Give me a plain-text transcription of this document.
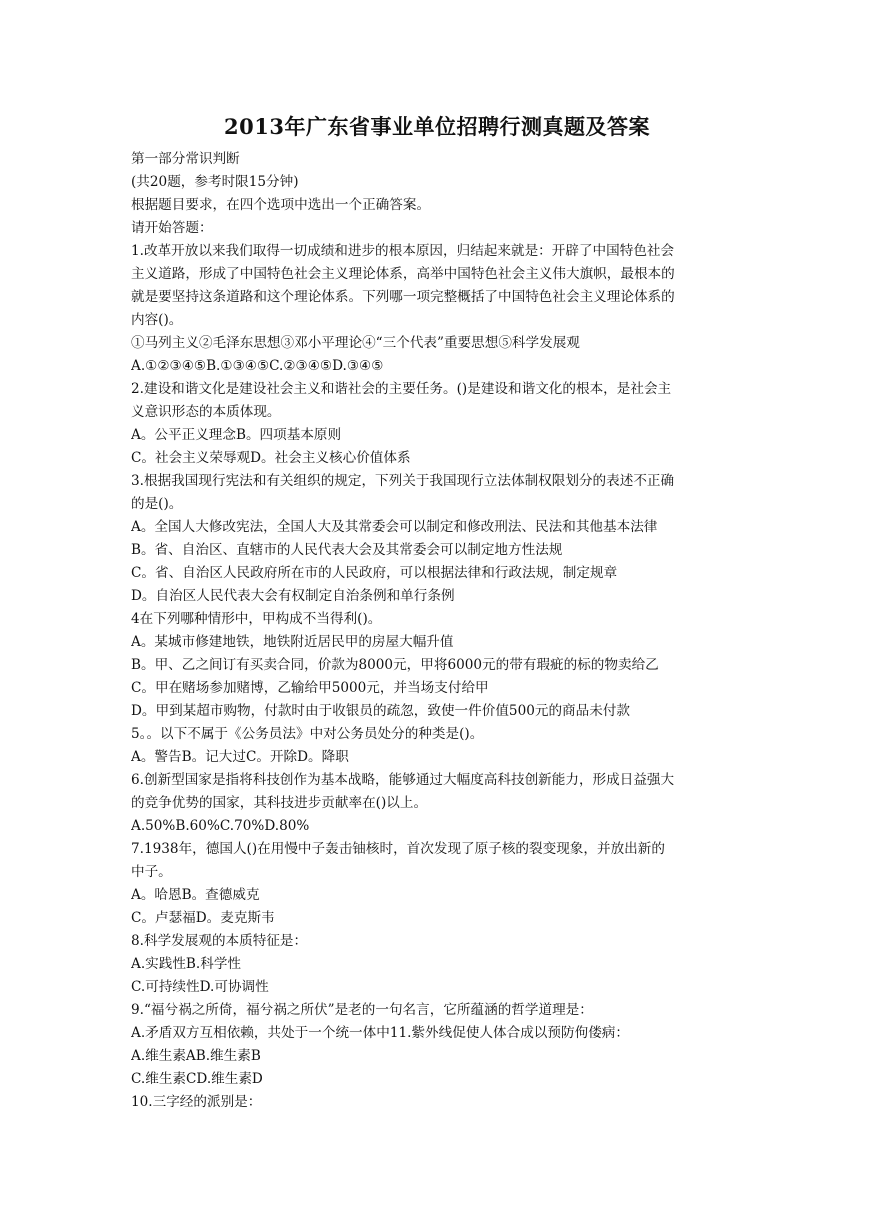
2013年广东省事业单位招聘行测真题及答案
第一部分常识判断
(共20题，参考时限15分钟)
根据题目要求，在四个选项中选出一个正确答案。
请开始答题：
1.改革开放以来我们取得一切成绩和进步的根本原因，归结起来就是：开辟了中国特色社会
主义道路，形成了中国特色社会主义理论体系，高举中国特色社会主义伟大旗帜，最根本的
就是要坚持这条道路和这个理论体系。下列哪一项完整概括了中国特色社会主义理论体系的
内容()。
①马列主义②毛泽东思想③邓小平理论④“三个代表”重要思想⑤科学发展观
A.①②③④⑤B.①③④⑤C.②③④⑤D.③④⑤
2.建设和谐文化是建设社会主义和谐社会的主要任务。()是建设和谐文化的根本，是社会主
义意识形态的本质体现。
A。公平正义理念B。四项基本原则
C。社会主义荣辱观D。社会主义核心价值体系
3.根据我国现行宪法和有关组织的规定，下列关于我国现行立法体制权限划分的表述不正确
的是()。
A。全国人大修改宪法，全国人大及其常委会可以制定和修改刑法、民法和其他基本法律
B。省、自治区、直辖市的人民代表大会及其常委会可以制定地方性法规
C。省、自治区人民政府所在市的人民政府，可以根据法律和行政法规，制定规章
D。自治区人民代表大会有权制定自治条例和单行条例
4在下列哪种情形中，甲构成不当得利()。
A。某城市修建地铁，地铁附近居民甲的房屋大幅升值
B。甲、乙之间订有买卖合同，价款为8000元，甲将6000元的带有瑕疵的标的物卖给乙
C。甲在赌场参加赌博，乙输给甲5000元，并当场支付给甲
D。甲到某超市购物，付款时由于收银员的疏忽，致使一件价值500元的商品未付款
5。。以下不属于《公务员法》中对公务员处分的种类是()。
A。警告B。记大过C。开除D。降职
6.创新型国家是指将科技创作为基本战略，能够通过大幅度高科技创新能力，形成日益强大
的竞争优势的国家，其科技进步贡献率在()以上。
A.50%B.60%C.70%D.80%
7.1938年，德国人()在用慢中子轰击铀核时，首次发现了原子核的裂变现象，并放出新的
中子。
A。哈恩B。查德威克
C。卢瑟福D。麦克斯韦
8.科学发展观的本质特征是：
A.实践性B.科学性
C.可持续性D.可协调性
9.“福兮祸之所倚，福兮祸之所伏”是老的一句名言，它所蕴涵的哲学道理是：
A.矛盾双方互相依赖，共处于一个统一体中11.紫外线促使人体合成以预防佝偻病：
A.维生素AB.维生素B
C.维生素CD.维生素D
10.三字经的派别是：
